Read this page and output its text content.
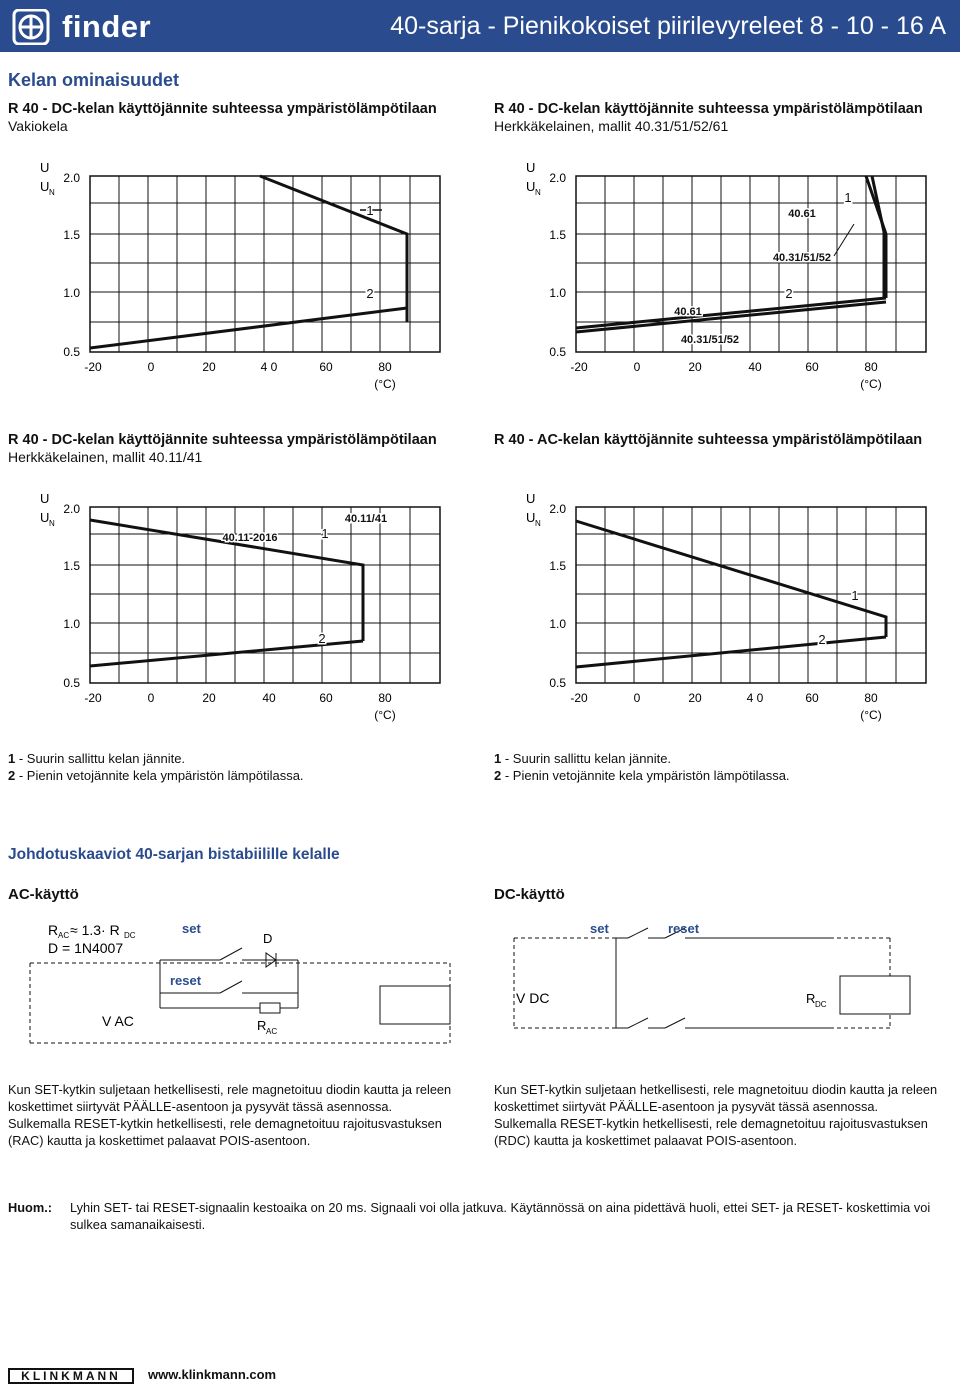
finder	40-sarja - Pienikokoiset piirilevyreleet 8 - 10 - 16 A
Kelan ominaisuudet
R 40 - DC-kelan käyttöjännite suhteessa ympäristölämpötilaan
Vakiokela
R 40 - DC-kelan käyttöjännite suhteessa ympäristölämpötilaan
Herkkäkelainen, mallit 40.31/51/52/61
R 40 - DC-kelan käyttöjännite suhteessa ympäristölämpötilaan
Herkkäkelainen, mallit 40.11/41
R 40 - AC-kelan käyttöjännite suhteessa ympäristölämpötilaan
1
2
U
U N
2.0
1.5
1.0
0.5
-20	0	20	4 0	60	80
(°C)
1
2
40.61
40.31/51/52
40.61
40.31/51/52
U
U N
2.0
1.5
1.0
0.5
-20	0	20	40	60	80
(°C)
1
2
40.11-2016
40.11/41
U
U N
2.0
1.5
1.0
0.5
-20	0	20	40	60	80
(°C)
1
2
U
U N
2.0
1.5
1.0
0.5
-20	0	20	4 0	60	80
(°C)
1 - Suurin sallittu kelan jännite.
2 - Pienin vetojännite kela ympäristön lämpötilassa.
1 - Suurin sallittu kelan jännite.
2 - Pienin vetojännite kela ympäristön lämpötilassa.
Johdotuskaaviot 40-sarjan bistabiilille kelalle
AC-käyttö	DC-käyttö
R AC ≈ 1.3· R DC
D = 1N4007
set
reset
D
V AC	R AC
set	reset
V DC	R DC
Kun SET-kytkin suljetaan hetkellisesti, rele magnetoituu diodin kautta ja releen koskettimet siirtyvät PÄÄLLE-asentoon ja pysyvät tässä asennossa. Sulkemalla RESET-kytkin hetkellisesti, rele demagnetoituu rajoitusvastuksen (RAC) kautta ja koskettimet palaavat POIS-asentoon.
Kun SET-kytkin suljetaan hetkellisesti, rele magnetoituu diodin kautta ja releen koskettimet siirtyvät PÄÄLLE-asentoon ja pysyvät tässä asennossa. Sulkemalla RESET-kytkin hetkellisesti, rele demagnetoituu rajoitusvastuksen (RDC) kautta ja koskettimet palaavat POIS-asentoon.
Huom.: Lyhin SET- tai RESET-signaalin kestoaika on 20 ms. Signaali voi olla jatkuva. Käytännössä on aina pidettävä huoli, ettei SET- ja RESET- koskettimia voi sulkea samanaikaisesti.
KLINKMANN	www.klinkmann.com
